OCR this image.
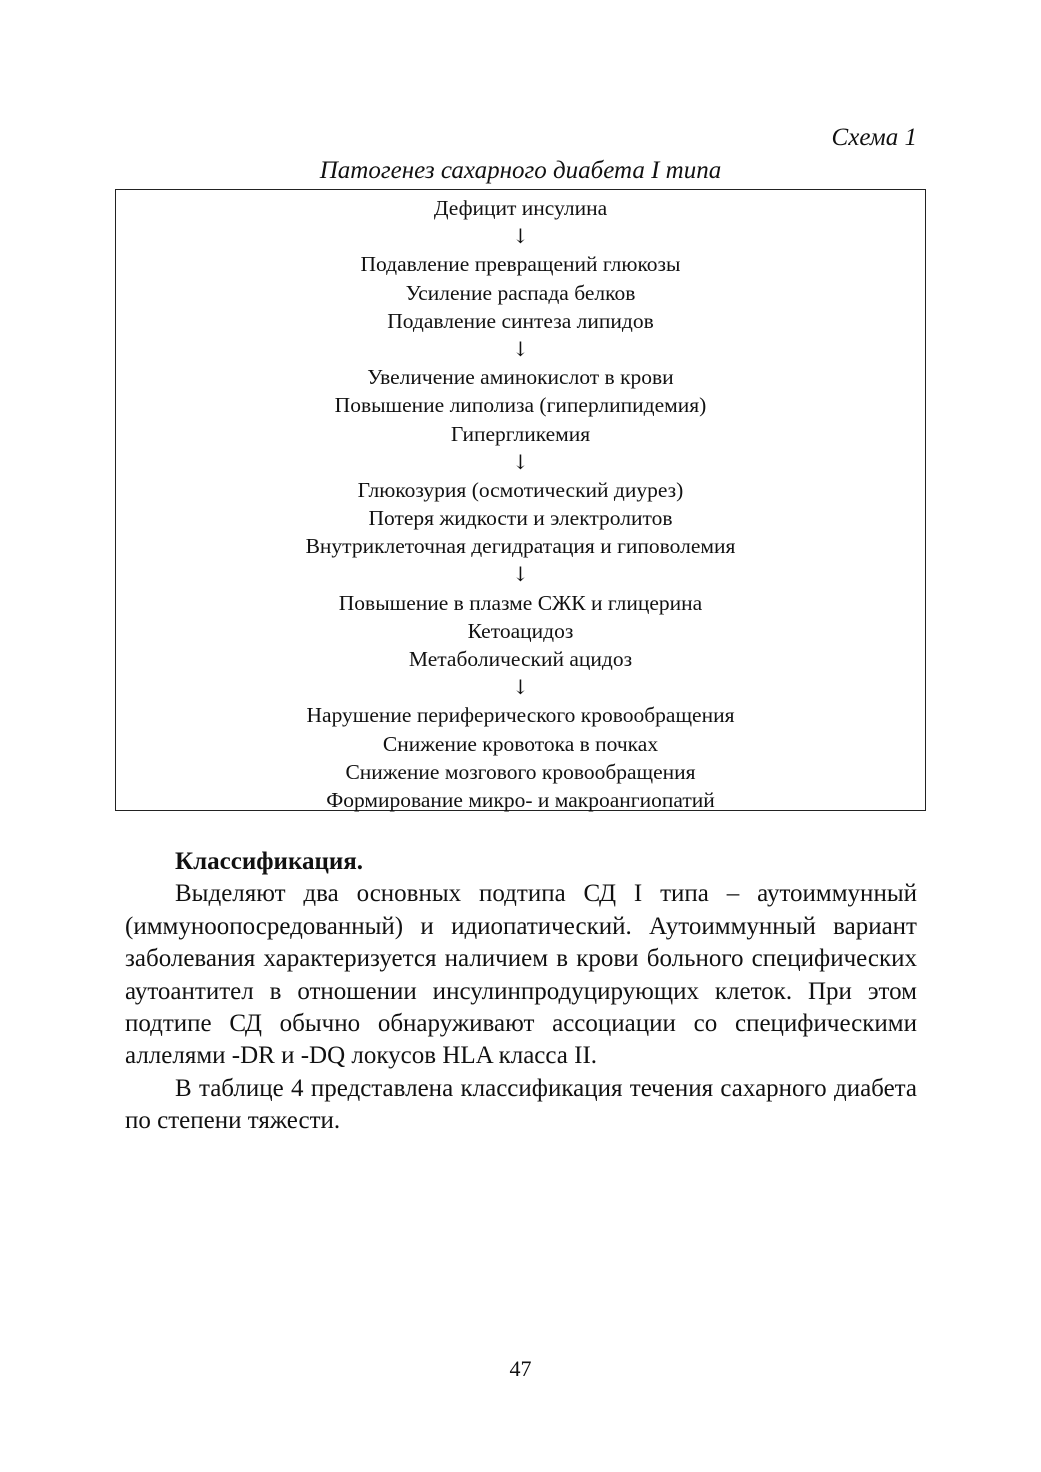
Схема 1
Патогенез сахарного диабета I типа
Дефицит инсулина
↓
Подавление превращений глюкозы
Усиление распада белков
Подавление синтеза липидов
↓
Увеличение аминокислот в крови
Повышение липолиза (гиперлипидемия)
Гипергликемия
↓
Глюкозурия (осмотический диурез)
Потеря жидкости и электролитов
Внутриклеточная дегидратация и гиповолемия
↓
Повышение в плазме СЖК и глицерина
Кетоацидоз
Метаболический ацидоз
↓
Нарушение периферического кровообращения
Снижение кровотока в почках
Снижение мозгового кровообращения
Формирование микро- и макроангиопатий

Классификация.

Выделяют два основных подтипа СД I типа – аутоиммунный (иммуноопосредованный) и идиопатический. Аутоиммунный вариант заболевания характеризуется наличием в крови больного специфических аутоантител в отношении инсулинпродуцирующих клеток. При этом подтипе СД обычно обнаруживают ассоциации со специфическими аллелями -DR и -DQ локусов HLA класса II.

В таблице 4 представлена классификация течения сахарного диабета по степени тяжести.

47
